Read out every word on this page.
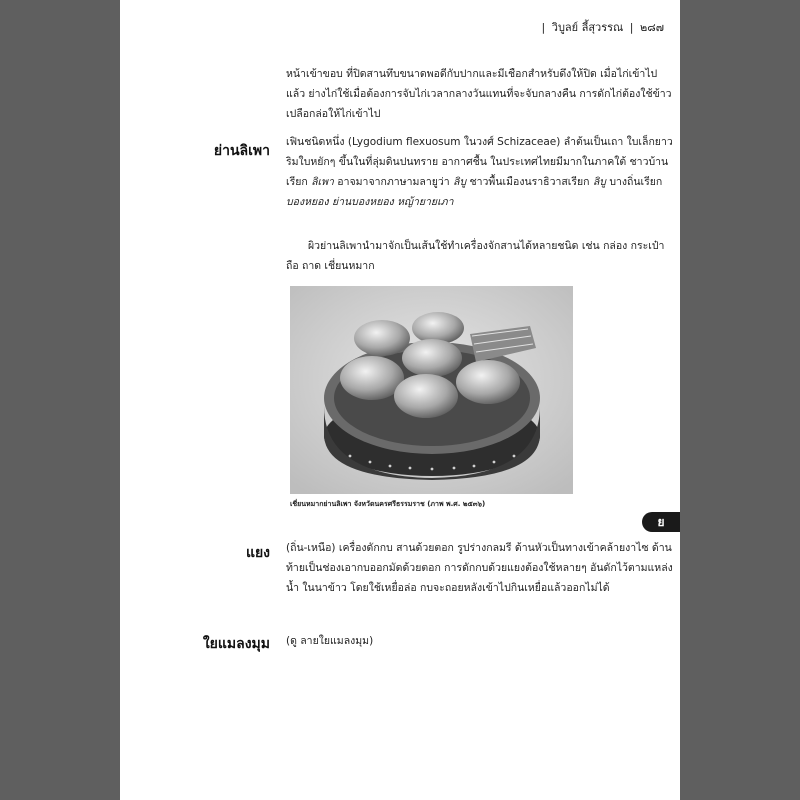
| วิบูลย์ ลี้สุวรรณ | ๒๘๗

หน้าเข้าขอบ ที่ปิดสานทึบขนาดพอดีกับปากและมีเชือกสำหรับดึงให้ปิด เมื่อไก่เข้าไปแล้ว ย่างไก่ใช้เมื่อต้องการจับไก่เวลากลางวันแทนที่จะจับกลางคืน การดักไก่ต้องใช้ข้าวเปลือกล่อให้ไก่เข้าไป

ย่านลิเพา

เฟินชนิดหนึ่ง (Lygodium flexuosum ในวงศ์ Schizaceae) ลำต้นเป็นเถา ใบเล็กยาว ริมใบหยักๆ ขึ้นในที่ลุ่มดินปนทราย อากาศชื้น ในประเทศไทยมีมากในภาคใต้ ชาวบ้านเรียก ลิเพา อาจมาจากภาษามลายูว่า ลิบู ชาวพื้นเมืองนราธิวาสเรียก ลิบู บางถิ่นเรียก บองหยอง ย่านบองหยอง หญ้ายายเภา

ผิวย่านลิเพานำมาจักเป็นเส้นใช้ทำเครื่องจักสานได้หลายชนิด เช่น กล่อง กระเป๋าถือ ถาด เชี่ยนหมาก

เชี่ยนหมากย่านลิเพา จังหวัดนครศรีธรรมราช (ภาพ พ.ศ. ๒๕๓๖)
แยง (ถิ่น-เหนือ) เครื่องดักกบ สานด้วยตอก รูปร่างกลมรี ด้านหัวเป็นทางเข้าคล้ายงาไซ ด้านท้ายเป็นช่องเอากบออกมัดด้วยตอก การดักกบด้วยแยงต้องใช้หลายๆ อันดักไว้ตามแหล่งน้ำ ในนาข้าว โดยใช้เหยื่อล่อ กบจะถอยหลังเข้าไปกินเหยื่อแล้วออกไม่ได้

ใยแมลงมุม (ดู ลายใยแมลงมุม)

ย
